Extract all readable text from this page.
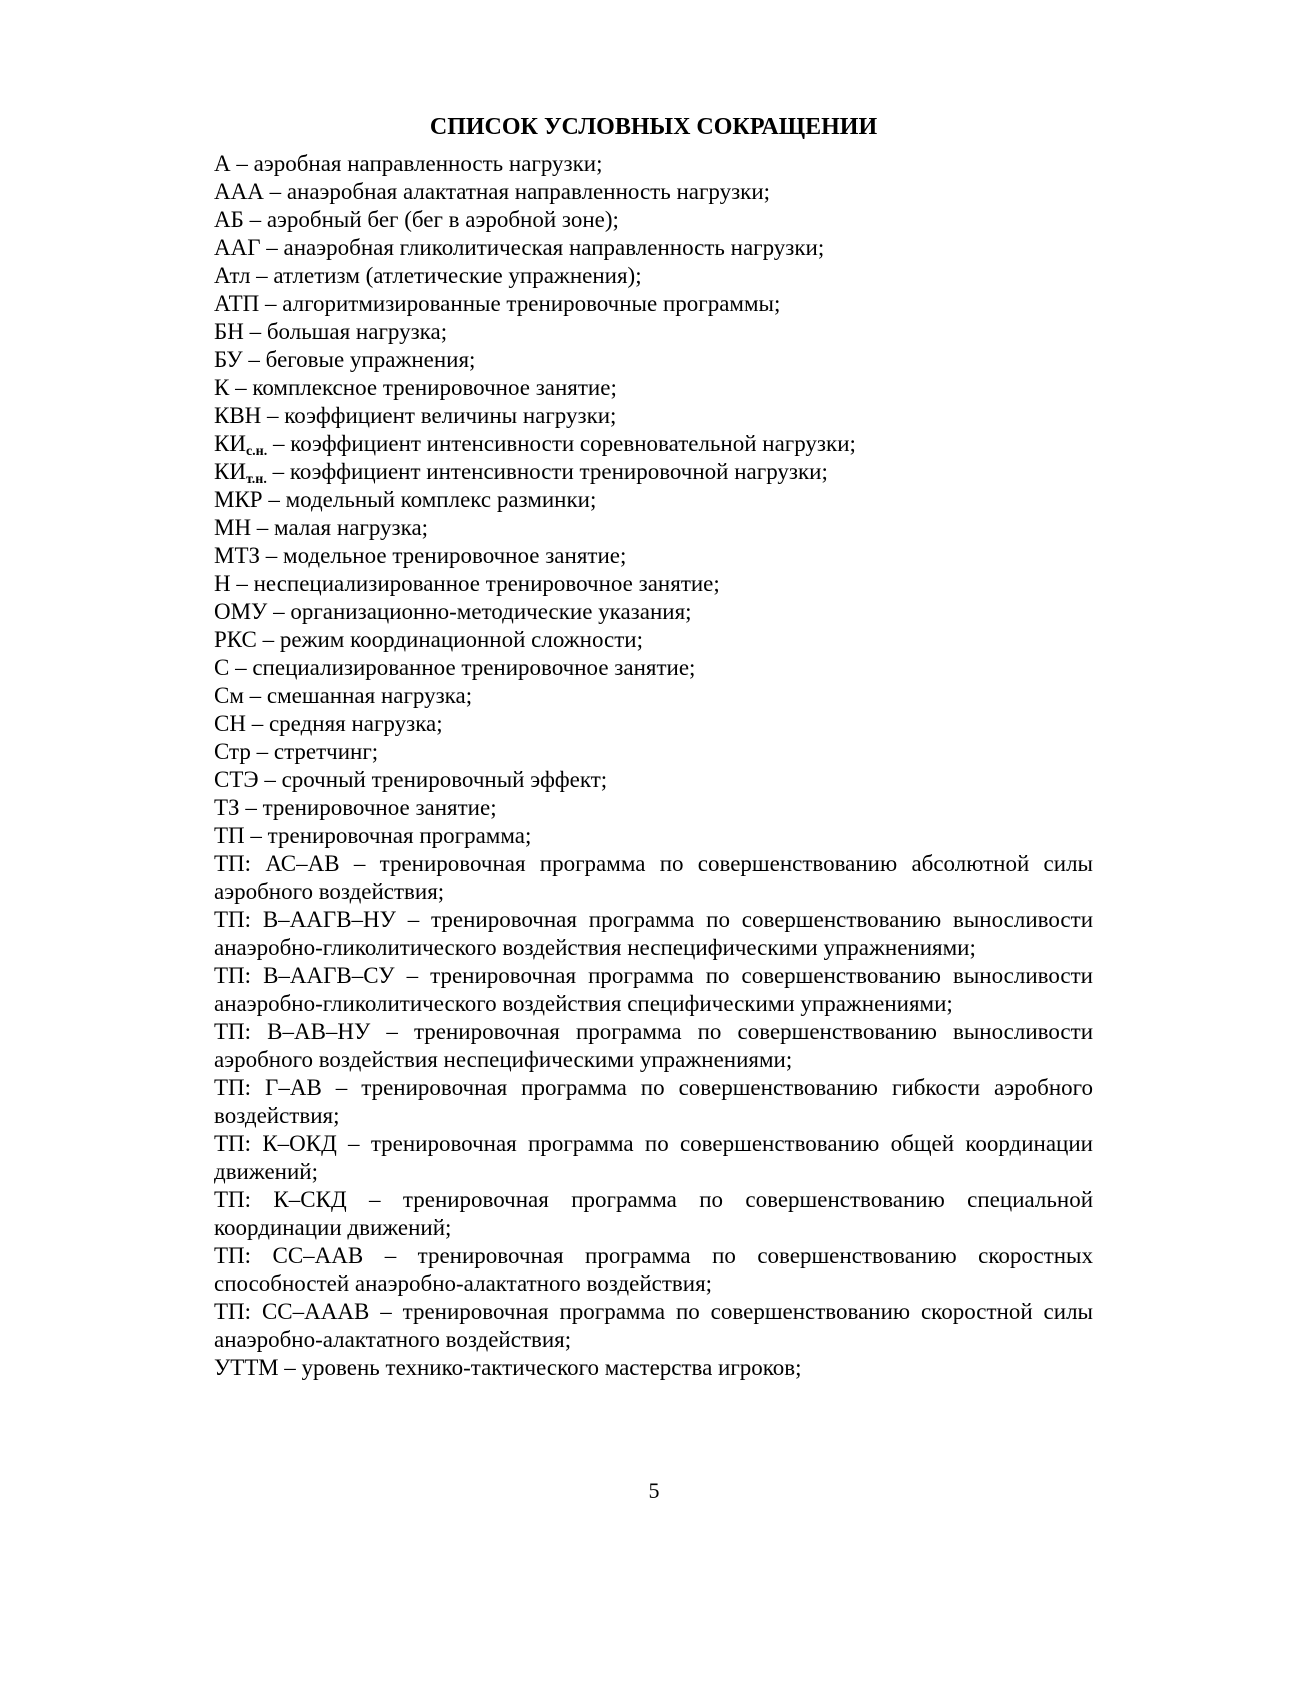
СПИСОК УСЛОВНЫХ СОКРАЩЕНИИ

А – аэробная направленность нагрузки;

ААА – анаэробная алактатная направленность нагрузки;

АБ – аэробный бег (бег в аэробной зоне);

ААГ – анаэробная гликолитическая направленность нагрузки;

Атл – атлетизм (атлетические упражнения);

АТП – алгоритмизированные тренировочные программы;

БН – большая нагрузка;

БУ – беговые упражнения;

К – комплексное тренировочное занятие;

КВН – коэффициент величины нагрузки;

$КИ_{с.н.}$ – коэффициент интенсивности соревновательной нагрузки;

$КИ_{т.н.}$ – коэффициент интенсивности тренировочной нагрузки;

МКР – модельный комплекс разминки;

МН – малая нагрузка;

МТЗ – модельное тренировочное занятие;

Н – неспециализированное тренировочное занятие;

ОМУ – организационно-методические указания;

РКС – режим координационной сложности;

С – специализированное тренировочное занятие;

См – смешанная нагрузка;

СН – средняя нагрузка;

Стр – стретчинг;

СТЭ – срочный тренировочный эффект;

ТЗ – тренировочное занятие;

ТП – тренировочная программа;

ТП: АС–АВ – тренировочная программа по совершенствованию абсолютной силы аэробного воздействия;

ТП: В–ААГВ–НУ – тренировочная программа по совершенствованию выносливости анаэробно-гликолитического воздействия неспецифическими упражнениями;

ТП: В–ААГВ–СУ – тренировочная программа по совершенствованию выносливости анаэробно-гликолитического воздействия специфическими упражнениями;

ТП: В–АВ–НУ – тренировочная программа по совершенствованию выносливости аэробного воздействия неспецифическими упражнениями;

ТП: Г–АВ – тренировочная программа по совершенствованию гибкости аэробного воздействия;

ТП: К–ОКД – тренировочная программа по совершенствованию общей координации движений;

ТП: К–СКД – тренировочная программа по совершенствованию специальной координации движений;

ТП: СС–ААВ – тренировочная программа по совершенствованию скоростных способностей анаэробно-алактатного воздействия;

ТП: СС–АААВ – тренировочная программа по совершенствованию скоростной силы анаэробно-алактатного воздействия;

УТТМ – уровень технико-тактического мастерства игроков;

5
